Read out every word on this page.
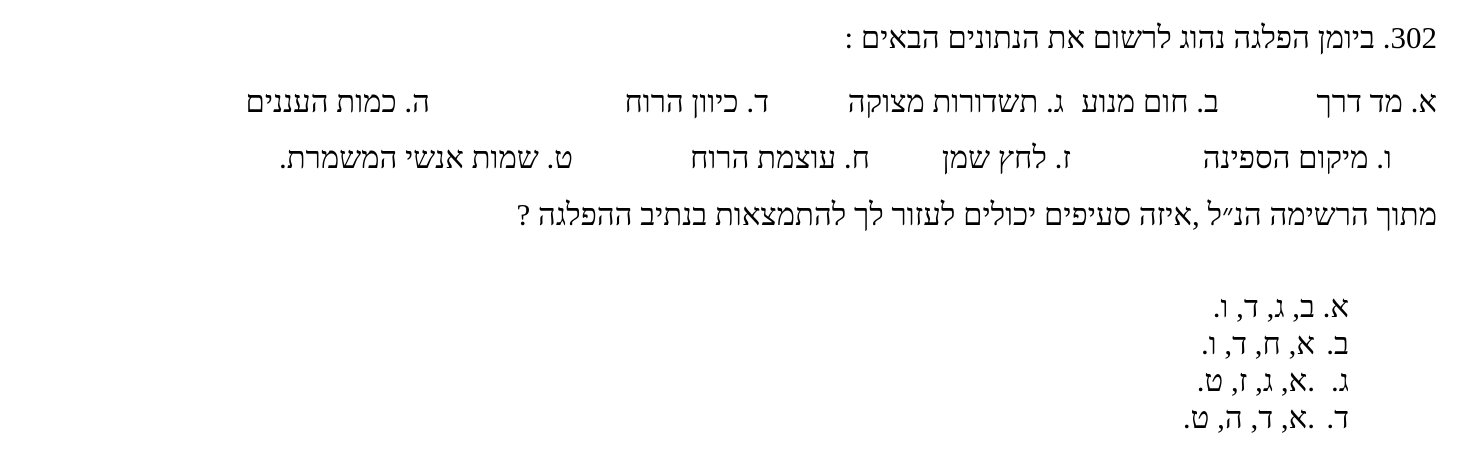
302. ביומן הפלגה נהוג לרשום את הנתונים הבאים :
א. מד דרך
ב. חום מנוע
ג. תשדורות מצוקה
ד. כיוון הרוח
ה. כמות העננים
ו. מיקום הספינה
ז. לחץ שמן
ח. עוצמת הרוח
ט. שמות אנשי המשמרת.
מתוך הרשימה הנ״ל ,איזה סעיפים יכולים לעזור לך להתמצאות בנתיב ההפלגה ?
א.
ב, ג, ד, ו.
ב.
א, ח, ד, ו.
ג.
.א, ג, ז, ט.
ד.
.א, ד, ה, ט.
